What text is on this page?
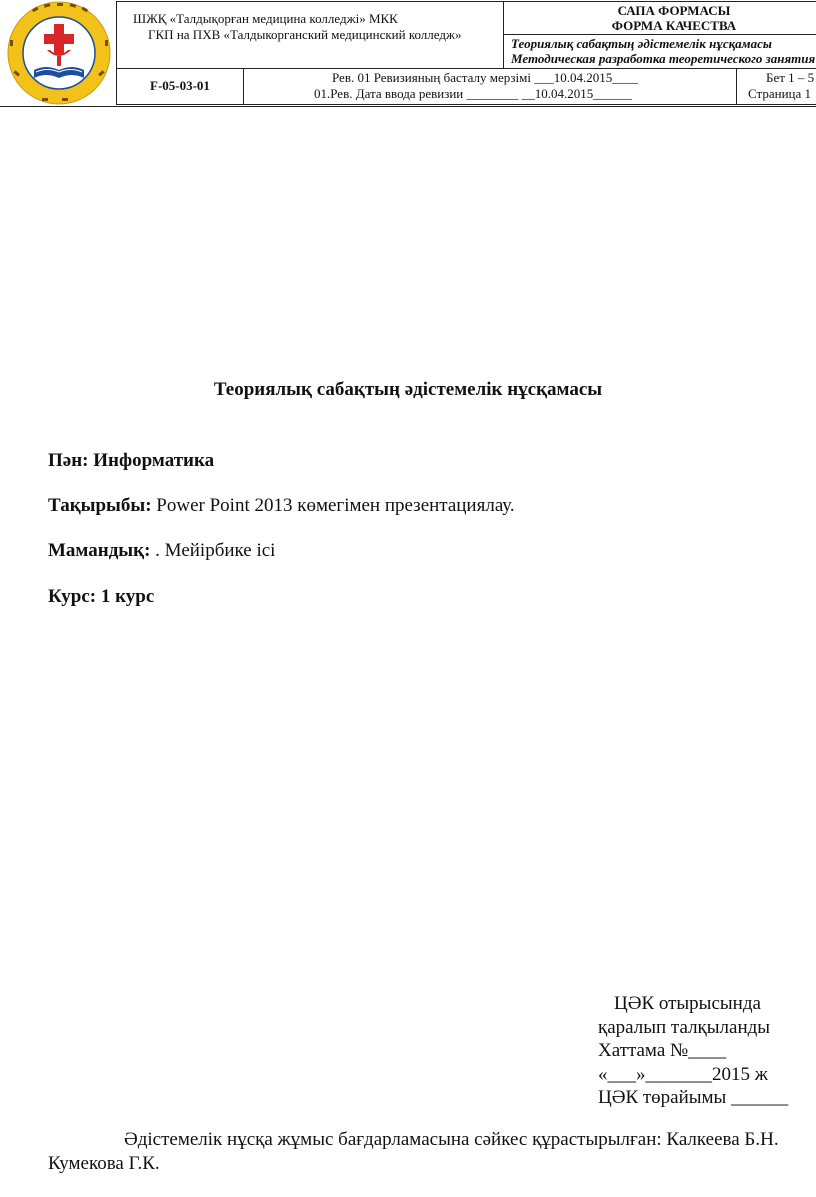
ШЖҚ «Талдықорған медицина колледжі» МКК
ГКП на ПХВ «Талдыкорганский медицинский колледж»
САПА ФОРМАСЫ
ФОРМА КАЧЕСТВА
Теориялық сабақтың әдістемелік нұсқамасы
Методическая разработка теоретического занятия
F-05-03-01
Рев. 01 Ревизияның басталу мерзімі ___10.04.2015____
01.Рев. Дата ввода ревизии ________ __10.04.2015______
Бет 1 – 5
Страница 1
Теориялық сабақтың әдістемелік нұсқамасы
Пән: Информатика
Тақырыбы: Power Point 2013 көмегімен презентациялау.
Мамандық: . Мейірбике ісі
Курс: 1 курс
ЦӘК отырысында
қаралып талқыланды
Хаттама №____
«___»_______2015 ж
ЦӘК төрайымы ______
Әдістемелік нұсқа жұмыс бағдарламасына сәйкес құрастырылған: Калкеева Б.Н. Кумекова Г.К.
